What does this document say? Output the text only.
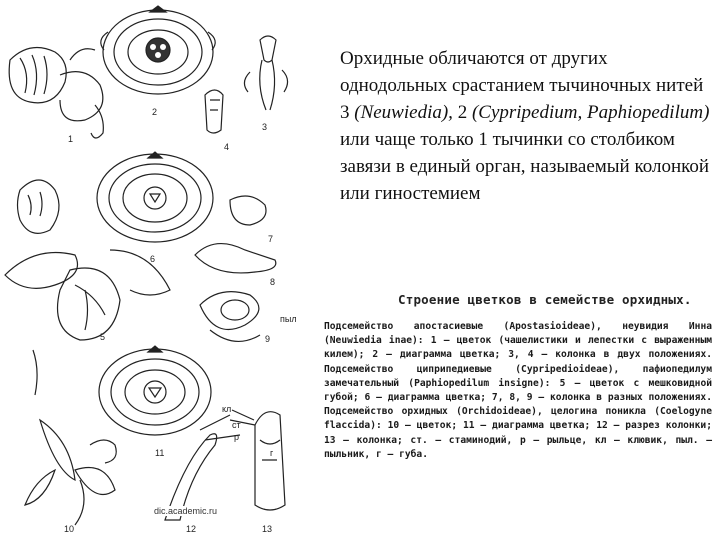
1
2
3
4
5
6
7
8
9
10
11
12	13
ст
р
кл
пыл
г
dic.academic.ru
Орхидные обличаются от других однодольных срастанием тычиночных нитей 3 (Neuwiedia), 2 (Cypripedium, Paphiopedilum) или чаще только 1 тычинки со столбиком завязи в единый орган, называемый колонкой или гиностемием
Строение цветков в семействе орхидных.
Подсемейство апостасиевые (Apostasioideae), неувидия Инна (Neuwiedia inae): 1 — цветок (чашелистики и лепестки с выраженным килем); 2 — диаграмма цветка; 3, 4 — колонка в двух положениях. Подсемейство циприпедиевые (Cypripedioideae), пафиопедилум замечательный (Paphiopedilum insigne): 5 — цветок с мешковидной губой; 6 — диаграмма цветка; 7, 8, 9 — колонка в разных положениях. Подсемейство орхидных (Orchidoideae), целогина поникла (Coelogyne flaccida): 10 — цветок; 11 — диаграмма цветка; 12 — разрез колонки; 13 — колонка; ст. — стаминодий, р — рыльце, кл — клювик, пыл. — пыльник, г — губа.
